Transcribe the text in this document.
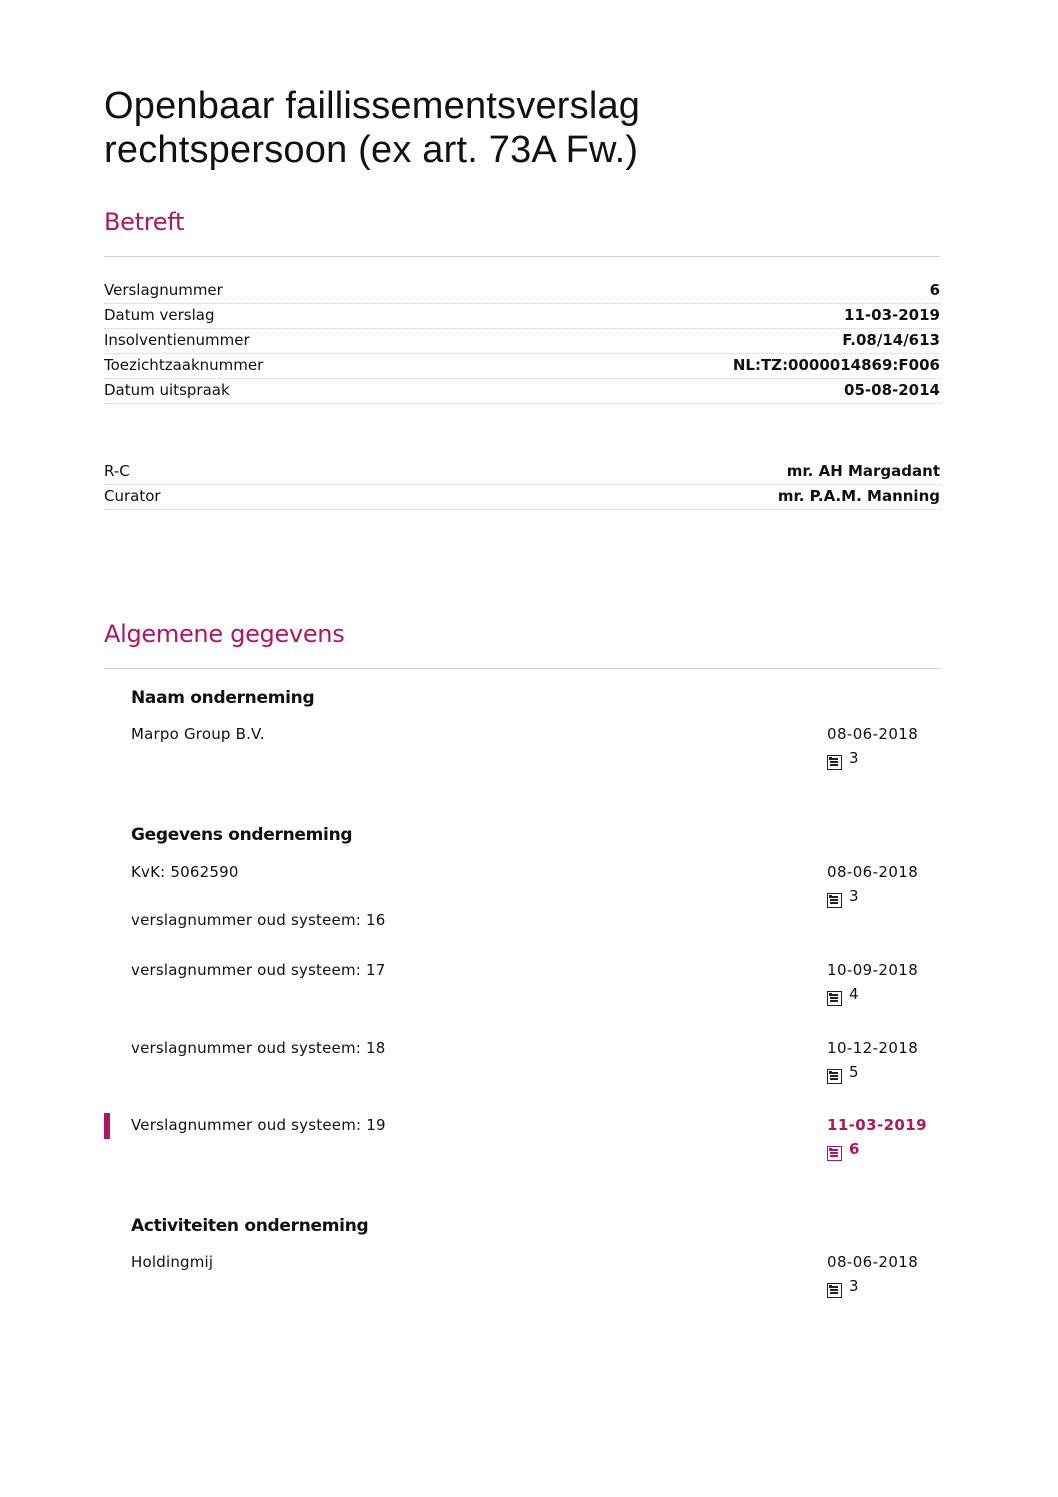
Openbaar faillissementsverslag
rechtspersoon (ex art. 73A Fw.)
Betreft
Verslagnummer	6
Datum verslag	11-03-2019
Insolventienummer	F.08/14/613
Toezichtzaaknummer	NL:TZ:0000014869:F006
Datum uitspraak	05-08-2014
R-C	mr. AH Margadant
Curator	mr. P.A.M. Manning
Algemene gegevens
Naam onderneming
Marpo Group B.V.	08-06-2018
3
Gegevens onderneming
KvK: 5062590	08-06-2018
3
verslagnummer oud systeem: 16
verslagnummer oud systeem: 17	10-09-2018
4
verslagnummer oud systeem: 18	10-12-2018
5
Verslagnummer oud systeem: 19	11-03-2019
6
Activiteiten onderneming
Holdingmij	08-06-2018
3
